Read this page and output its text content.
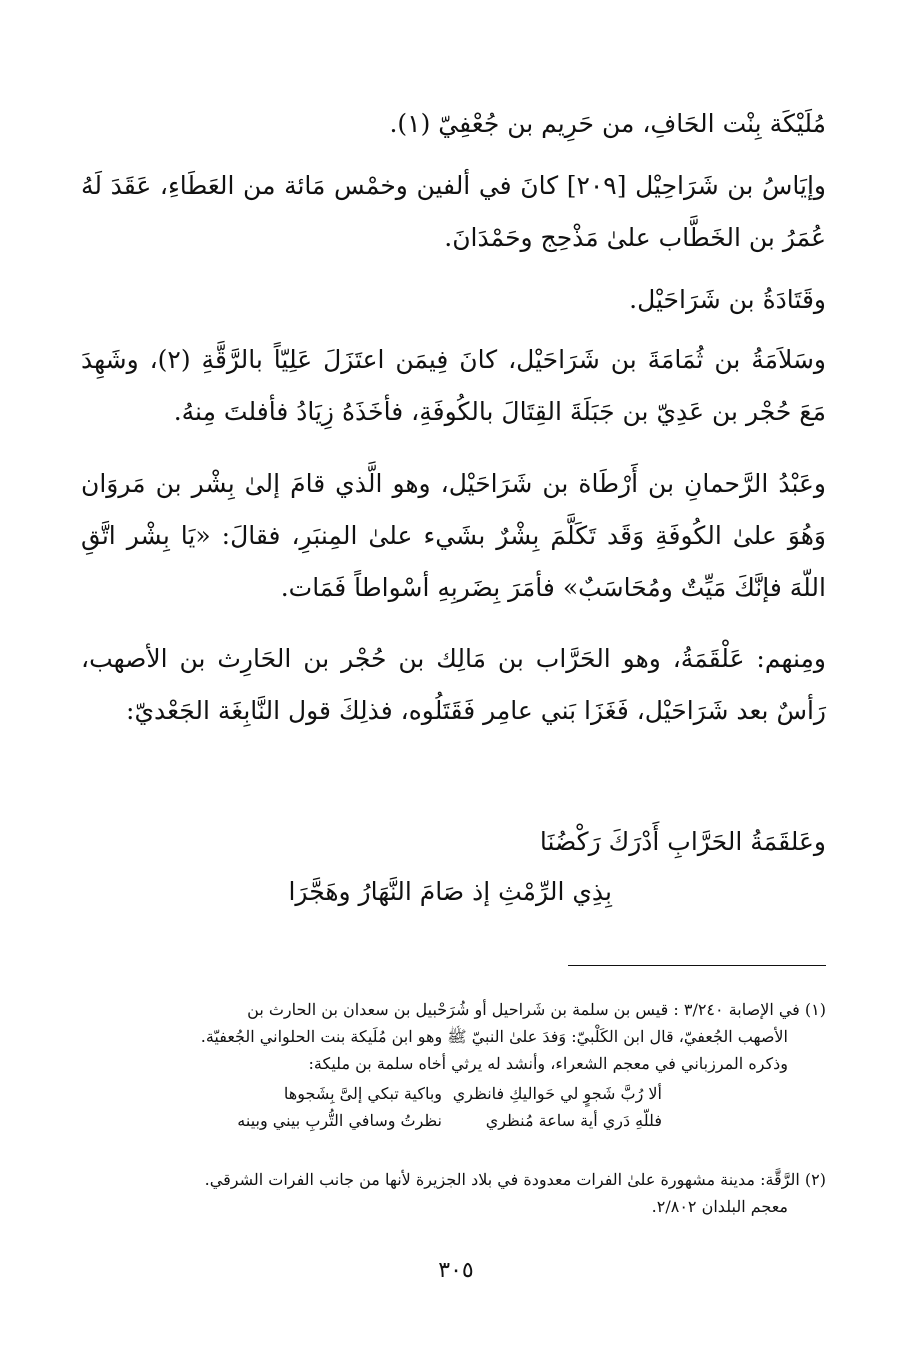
مُلَيْكَة بِنْت الحَافِ، من حَرِيم بن جُعْفِيّ (١).

وإيَاسُ بن شَرَاحِيْل [٢٠٩] كانَ في ألفين وخمْس مَائة من العَطَاءِ، عَقَدَ لَهُ عُمَرُ بن الخَطَّاب علىٰ مَذْحِج وحَمْدَانَ.

وقَتَادَةُ بن شَرَاحَيْل.

وسَلاَمَةُ بن ثُمَامَةَ بن شَرَاحَيْل، كانَ فِيمَن اعتَزَلَ عَلِيّاً بالرَّقَّةِ (٢)، وشَهِدَ مَعَ حُجْر بن عَدِيّ بن جَبَلَةَ القِتَالَ بالكُوفَةِ، فأخَذَهُ زِيَادُ فأفلتَ مِنهُ.

وعَبْدُ الرَّحمانِ بن أَرْطَاة بن شَرَاحَيْل، وهو الَّذي قامَ إلىٰ بِشْر بن مَروَان وَهُوَ علىٰ الكُوفَةِ وَقَد تَكَلَّمَ بِشْرٌ بشَيء علىٰ المِنبَرِ، فقالَ: «يَا بِشْر اتَّقِ اللّهَ فإنَّكَ مَيِّتٌ ومُحَاسَبٌ» فأمَرَ بِضَربِهِ أسْواطاً فَمَات.

ومِنهم: عَلْقَمَةُ، وهو الحَرَّاب بن مَالِك بن حُجْر بن الحَارِث بن الأصهب، رَأسٌ بعد شَرَاحَيْل، فَغَزَا بَني عامِر فَقَتَلُوه، فذلِكَ قول النَّابِغَة الجَعْديّ:

وعَلقَمَةُ الحَرَّابِ أَدْرَكَ رَكْضُنَا
بِذِي الرِّمْثِ إذ صَامَ النَّهَارُ وهَجَّرَا
(١) في الإصابة ٣/٢٤٠ : قيس بن سلمة بن شَراحيل أو شُرَحْبيل بن سعدان بن الحارث بن
الأصهب الجُعفيّ، قال ابن الكَلْبيّ: وَفدَ علىٰ النبيّ ﷺ وهو ابن مُلَيكة بنت الحلواني الجُعفيّة.
وذكره المرزباني في معجم الشعراء، وأنشد له يرثي أخاه سلمة بن مليكة:
وباكية تبكي إلىَّ بِشَجوها ألا رُبَّ شَجوٍ لي حَواليكِ فانظري
نظرتُ وسافي التُّربِ بيني وبينه	فللّهِ دَري أية ساعة مُنظري
(٢) الرَّقَّة: مدينة مشهورة علىٰ الفرات معدودة في بلاد الجزيرة لأنها من جانب الفرات الشرقي.
معجم البلدان ٢/٨٠٢.
٣٠٥
